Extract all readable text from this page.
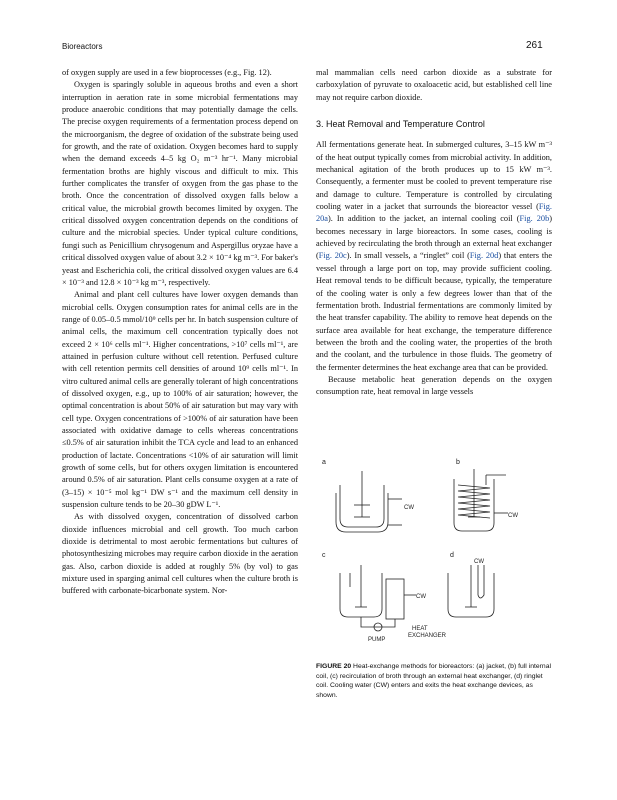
Bioreactors	261

of oxygen supply are used in a few bioprocesses (e.g., Fig. 12).

Oxygen is sparingly soluble in aqueous broths and even a short interruption in aeration rate in some microbial fermentations may produce anaerobic conditions that may potentially damage the cells. The precise oxygen requirements of a fermentation process depend on the microorganism, the degree of oxidation of the substrate being used for growth, and the rate of oxidation. Oxygen becomes hard to supply when the demand exceeds 4–5 kg O₂ m⁻³ hr⁻¹. Many microbial fermentation broths are highly viscous and difficult to mix. This further complicates the transfer of oxygen from the gas phase to the broth. Once the concentration of dissolved oxygen falls below a critical value, the microbial growth becomes limited by oxygen. The critical dissolved oxygen concentration depends on the conditions of culture and the microbial species. Under typical culture conditions, fungi such as Penicillium chrysogenum and Aspergillus oryzae have a critical dissolved oxygen value of about 3.2 × 10⁻⁴ kg m⁻³. For baker's yeast and Escherichia coli, the critical dissolved oxygen values are 6.4 × 10⁻³ and 12.8 × 10⁻³ kg m⁻³, respectively.

Animal and plant cell cultures have lower oxygen demands than microbial cells. Oxygen consumption rates for animal cells are in the range of 0.05–0.5 mmol/10⁹ cells per hr. In batch suspension culture of animal cells, the maximum cell concentration typically does not exceed 2 × 10⁶ cells ml⁻¹. Higher concentrations, >10⁷ cells ml⁻¹, are attained in perfusion culture without cell retention. Perfused culture with cell retention permits cell densities of around 10⁹ cells ml⁻¹. In vitro cultured animal cells are generally tolerant of high concentrations of dissolved oxygen, e.g., up to 100% of air saturation; however, the optimal concentration is about 50% of air saturation but may vary with cell type. Oxygen concentrations of >100% of air saturation have been associated with oxidative damage to cells whereas concentrations ≤0.5% of air saturation inhibit the TCA cycle and lead to an enhanced production of lactate. Concentrations <10% of air saturation will limit growth of some cells, but for others oxygen limitation is encountered around 0.5% of air saturation. Plant cells consume oxygen at a rate of (3–15) × 10⁻⁵ mol kg⁻¹ DW s⁻¹ and the maximum cell density in suspension culture tends to be 20–30 gDW L⁻¹.

As with dissolved oxygen, concentration of dissolved carbon dioxide influences microbial and cell growth. Too much carbon dioxide is detrimental to most aerobic fermentations but cultures of photosynthesizing microbes may require carbon dioxide in the aeration gas. Also, carbon dioxide is added at roughly 5% (by vol) to gas mixture used in sparging animal cell cultures when the culture broth is buffered with carbonate-bicarbonate system. Nor-

mal mammalian cells need carbon dioxide as a substrate for carboxylation of pyruvate to oxaloacetic acid, but established cell line may not require carbon dioxide.

3. Heat Removal and Temperature Control

All fermentations generate heat. In submerged cultures, 3–15 kW m⁻³ of the heat output typically comes from microbial activity. In addition, mechanical agitation of the broth produces up to 15 kW m⁻³. Consequently, a fermenter must be cooled to prevent temperature rise and damage to culture. Temperature is controlled by circulating cooling water in a jacket that surrounds the bioreactor vessel (Fig. 20a). In addition to the jacket, an internal cooling coil (Fig. 20b) becomes necessary in large bioreactors. In some cases, cooling is achieved by recirculating the broth through an external heat exchanger (Fig. 20c). In small vessels, a “ringlet” coil (Fig. 20d) that enters the vessel through a large port on top, may provide sufficient cooling. Heat removal tends to be difficult because, typically, the temperature of the cooling water is only a few degrees lower than that of the fermentation broth. Industrial fermentations are commonly limited by the heat transfer capability. The ability to remove heat depends on the surface area available for heat exchange, the temperature difference between the broth and the cooling water, the properties of the broth and the coolant, and the turbulence in those fluids. The geometry of the fermenter determines the heat exchange area that can be provided.

Because metabolic heat generation depends on the oxygen consumption rate, heat removal in large vessels

a
CW
b
CW
c
CW
PUMP
HEAT
EXCHANGER
d
CW
FIGURE 20 Heat-exchange methods for bioreactors: (a) jacket, (b) full internal coil, (c) recirculation of broth through an external heat exchanger, (d) ringlet coil. Cooling water (CW) enters and exits the heat exchange devices, as shown.
